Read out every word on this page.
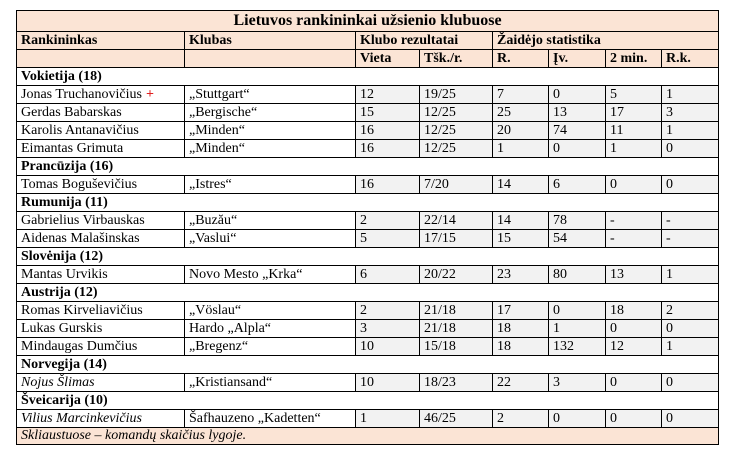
Lietuvos rankininkai užsienio klubuose							
Rankininkas	Klubas	Klubo rezultatai		Žaidėjo statistika			
		Vieta	Tšk./r.	R.	Įv.	2 min.	R.k.
Vokietija (18)							
Jonas Truchanovičius +	„Stuttgart“	12	19/25	7	0	5	1
Gerdas Babarskas	„Bergische“	15	12/25	25	13	17	3
Karolis Antanavičius	„Minden“	16	12/25	20	74	11	1
Eimantas Grimuta	„Minden“	16	12/25	1	0	1	0
Prancūzija (16)							
Tomas Boguševičius	„Istres“	16	7/20	14	6	0	0
Rumunija (11)							
Gabrielius Virbauskas	„Buzău“	2	22/14	14	78	-	-
Aidenas Malašinskas	„Vaslui“	5	17/15	15	54	-	-
Slovėnija (12)							
Mantas Urvikis	Novo Mesto „Krka“	6	20/22	23	80	13	1
Austrija (12)							
Romas Kirveliavičius	„Vöslau“	2	21/18	17	0	18	2
Lukas Gurskis	Hardo „Alpla“	3	21/18	18	1	0	0
Mindaugas Dumčius	„Bregenz“	10	15/18	18	132	12	1
Norvegija (14)							
Nojus Šlimas	„Kristiansand“	10	18/23	22	3	0	0
Šveicarija (10)							
Vilius Marcinkevičius	Šafhauzeno „Kadetten“	1	46/25	2	0	0	0
Skliaustuose – komandų skaičius lygoje.							
